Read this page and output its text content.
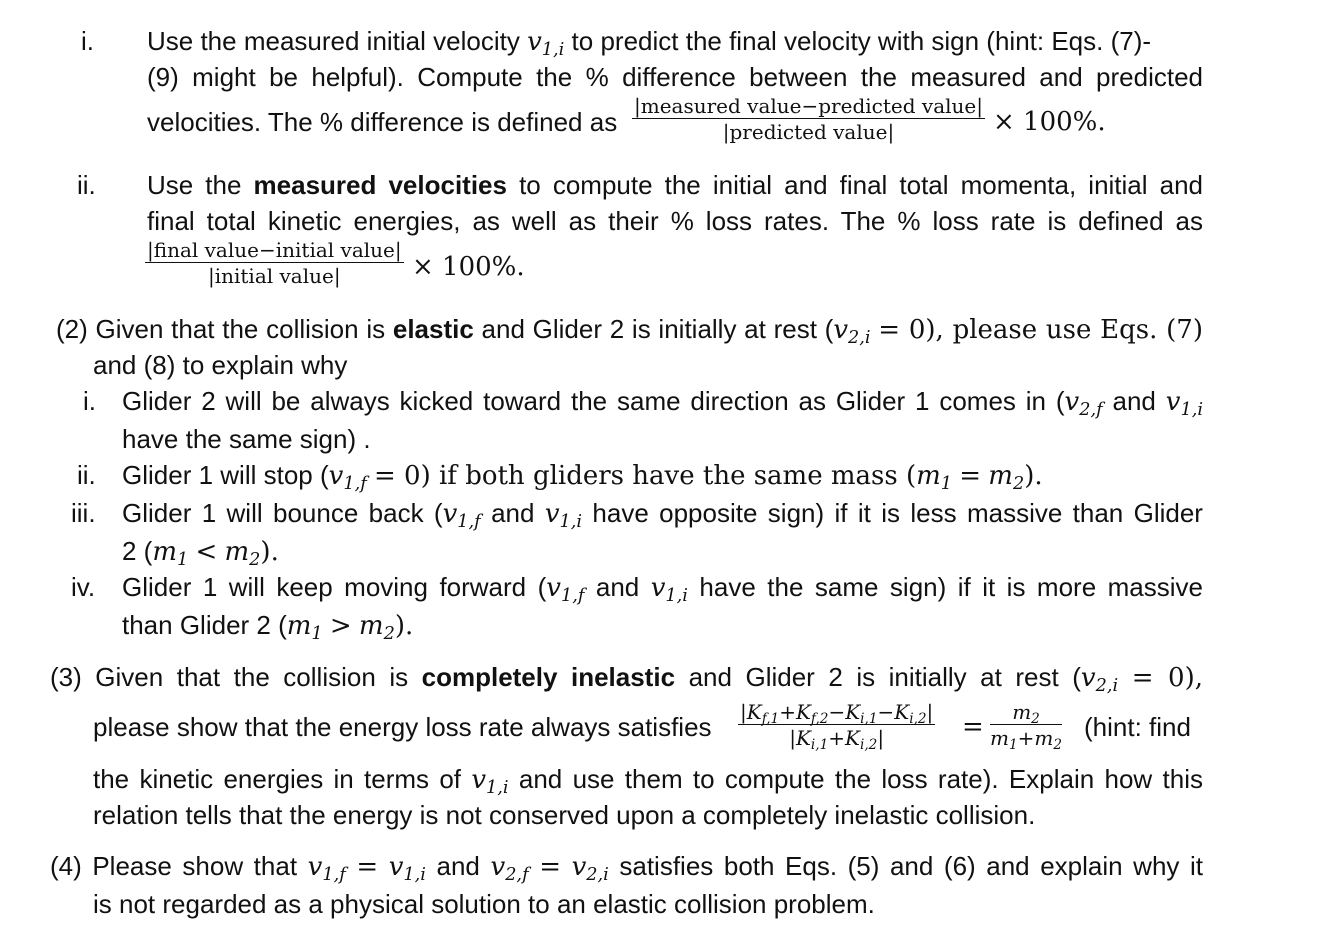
i. Use the measured initial velocity $v_{1,i}$ to predict the final velocity with sign (hint: Eqs. (7)-
(9) might be helpful). Compute the % difference between the measured and predicted
velocities. The % difference is defined as
|measured value−predicted value|
|predicted value|	× 100%.
ii. Use the measured velocities to compute the initial and final total momenta, initial and
final total kinetic energies, as well as their % loss rates. The % loss rate is defined as
|final value−initial value|
|initial value|	× 100%.
(2) Given that the collision is elastic and Glider 2 is initially at rest $(v_{2,i} = 0)$, please use Eqs. (7)
and (8) to explain why
i. Glider 2 will be always kicked toward the same direction as Glider 1 comes in ($v_{2,f}$ and $v_{1,i}$
have the same sign) .
ii. Glider 1 will stop $(v_{1,f} = 0)$ if both gliders have the same mass $(m_1 = m_2)$.
iii. Glider 1 will bounce back ($v_{1,f}$ and $v_{1,i}$ have opposite sign) if it is less massive than Glider
2 $(m_1 < m_2)$.
iv. Glider 1 will keep moving forward ($v_{1,f}$ and $v_{1,i}$ have the same sign) if it is more massive
than Glider 2 $(m_1 > m_2)$.
(3) Given that the collision is completely inelastic and Glider 2 is initially at rest $(v_{2,i} = 0)$,
please show that the energy loss rate always satisfies $\frac{|K_{f,1}+K_{f,2}-K_{i,1}-K_{i,2}|}{|K_{i,1}+K_{i,2}|} = \frac{m_2}{m_1+m_2}$ (hint: find
the kinetic energies in terms of $v_{1,i}$ and use them to compute the loss rate). Explain how this
relation tells that the energy is not conserved upon a completely inelastic collision.
(4) Please show that $v_{1,f} = v_{1,i}$ and $v_{2,f} = v_{2,i}$ satisfies both Eqs. (5) and (6) and explain why it
is not regarded as a physical solution to an elastic collision problem.
